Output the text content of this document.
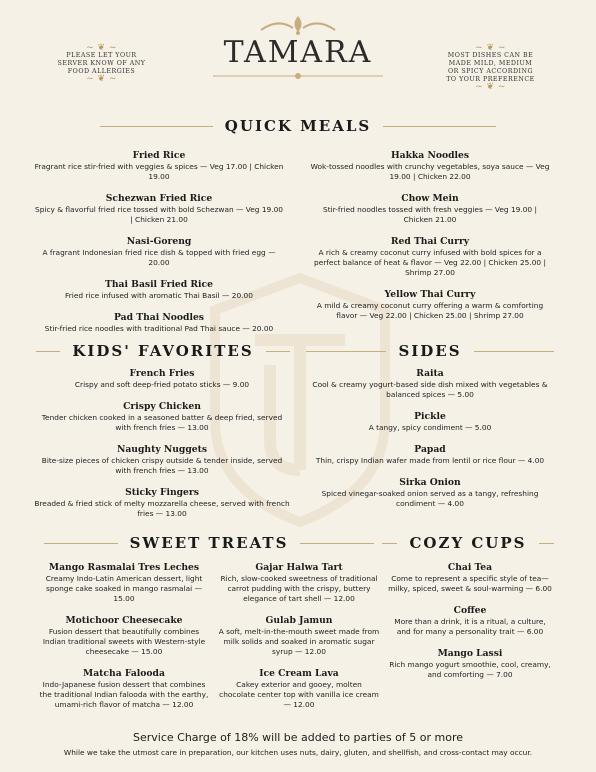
~ ❦ ~
PLEASE LET YOUR SERVER KNOW OF ANY FOOD ALLERGIES
~ ❦ ~
~ ❦ ~
MOST DISHES CAN BE MADE MILD, MEDIUM OR SPICY ACCORDING TO YOUR PREFERENCE
~ ❦ ~
TAMARA
QUICK MEALS
Fried Rice
Fragrant rice stir-fried with veggies & spices — Veg 17.00 | Chicken 19.00
Schezwan Fried Rice
Spicy & flavorful fried rice tossed with bold Schezwan — Veg 19.00 | Chicken 21.00
Nasi-Goreng
A fragrant Indonesian fried rice dish & topped with fried egg — 20.00
Thai Basil Fried Rice
Fried rice infused with aromatic Thai Basil — 20.00
Pad Thai Noodles
Stir-fried rice noodles with traditional Pad Thai sauce — 20.00
Hakka Noodles
Wok-tossed noodles with crunchy vegetables, soya sauce — Veg 19.00 | Chicken 22.00
Chow Mein
Stir-fried noodles tossed with fresh veggies — Veg 19.00 | Chicken 21.00
Red Thai Curry
A rich & creamy coconut curry infused with bold spices for a perfect balance of heat & flavor — Veg 22.00 | Chicken 25.00 | Shrimp 27.00
Yellow Thai Curry
A mild & creamy coconut curry offering a warm & comforting flavor — Veg 22.00 | Chicken 25.00 | Shrimp 27.00
KIDS' FAVORITES
French Fries
Crispy and soft deep-fried potato sticks — 9.00
Crispy Chicken
Tender chicken cooked in a seasoned batter & deep fried, served with french fries — 13.00
Naughty Nuggets
Bite-size pieces of chicken crispy outside & tender inside, served with french fries — 13.00
Sticky Fingers
Breaded & fried stick of melty mozzarella cheese, served with french fries — 13.00
SIDES
Raita
Cool & creamy yogurt-based side dish mixed with vegetables & balanced spices — 5.00
Pickle
A tangy, spicy condiment — 5.00
Papad
Thin, crispy Indian wafer made from lentil or rice flour — 4.00
Sirka Onion
Spiced vinegar-soaked onion served as a tangy, refreshing condiment — 4.00
SWEET TREATS
Mango Rasmalai Tres Leches
Creamy Indo-Latin American dessert, light sponge cake soaked in mango rasmalai — 15.00
Motichoor Cheesecake
Fusion dessert that beautifully combines Indian traditional sweets with Western-style cheesecake — 15.00
Matcha Falooda
Indo-Japanese fusion dessert that combines the traditional Indian falooda with the earthy, umami-rich flavor of matcha — 12.00
Gajar Halwa Tart
Rich, slow-cooked sweetness of traditional carrot pudding with the crispy, buttery elegance of tart shell — 12.00
Gulab Jamun
A soft, melt-in-the-mouth sweet made from milk solids and soaked in aromatic sugar syrup — 12.00
Ice Cream Lava
Cakey exterior and gooey, molten chocolate center top with vanilla ice cream — 12.00
COZY CUPS
Chai Tea
Come to represent a specific style of tea—milky, spiced, sweet & soul-warming — 6.00
Coffee
More than a drink, it is a ritual, a culture, and for many a personality trait — 6.00
Mango Lassi
Rich mango yogurt smoothie, cool, creamy, and comforting — 7.00
Service Charge of 18% will be added to parties of 5 or more
While we take the utmost care in preparation, our kitchen uses nuts, dairy, gluten, and shellfish, and cross-contact may occur.
